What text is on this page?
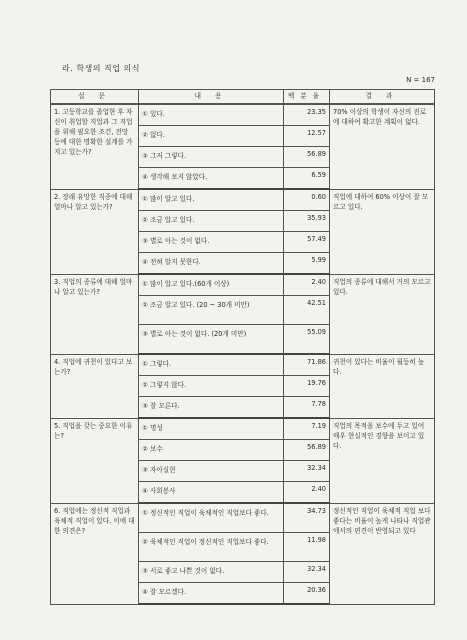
라. 학생의 직업 의식
N = 167
설 문	내 용	백분율	결 과
1. 고등학교를 졸업한 후 자신이 취업할 직업과 그 직업을 위해 필요한 조건, 전망 등에 대한 명확한 설계를 가지고 있는가?	① 있다.	23.35	70% 이상의 학생이 자신의 진로에 대하여 확고한 계획이 없다.

	② 없다.	12.57	

	③ 그저 그렇다.	56.89	

	④ 생각해 보지 않았다.	6.59	
2. 장래 유망한 직종에 대해 얼마나 알고 있는가?	① 많이 알고 있다.	0.60	직업에 대하여 60% 이상이 잘 모르고 있다.

	② 조금 알고 있다.	35.93	

	③ 별로 아는 것이 없다.	57.49	

	④ 전혀 알지 못한다.	5.99	
3. 직업의 종류에 대해 얼마나 알고 있는가?	① 많이 알고 있다.(60개 이상)	2.40	직업의 종류에 대해서 거의 모르고 있다.

	② 조금 알고 있다. (20 ~ 30개 미만)	42.51	

	③ 별로 아는 것이 없다. (20개 미만)	55.09	
4. 직업에 귀천이 있다고 보는가?	① 그렇다.	71.86	귀천이 있다는 비율이 월등히 높다.

	② 그렇지 않다.	19.76	

	③ 잘 모른다.	7.78	
5. 직업을 갖는 중요한 이유는?	① 명성	7.19	직업의 목적을 보수에 두고 있어 매우 현실적인 경향을 보이고 있다.

	② 보수	56.89	

	③ 자아실현	32.34	

	④ 사회봉사	2.40	
6. 직업에는 정신적 직업과 육체적 직업이 있다. 이에 대한 의견은?	① 정신적인 직업이 육체적인 직업보다 좋다.	34.73	정신적인 직업이 육체적 직업 보다 좋다는 비율이 높게 나타나 직업관에서의 편견이 반영되고 있다

	② 육체적인 직업이 정신적인 직업보다 좋다.	11.98	

	③ 서로 좋고 나쁜 것이 없다.	32.34	

	④ 잘 모르겠다.	20.36	
